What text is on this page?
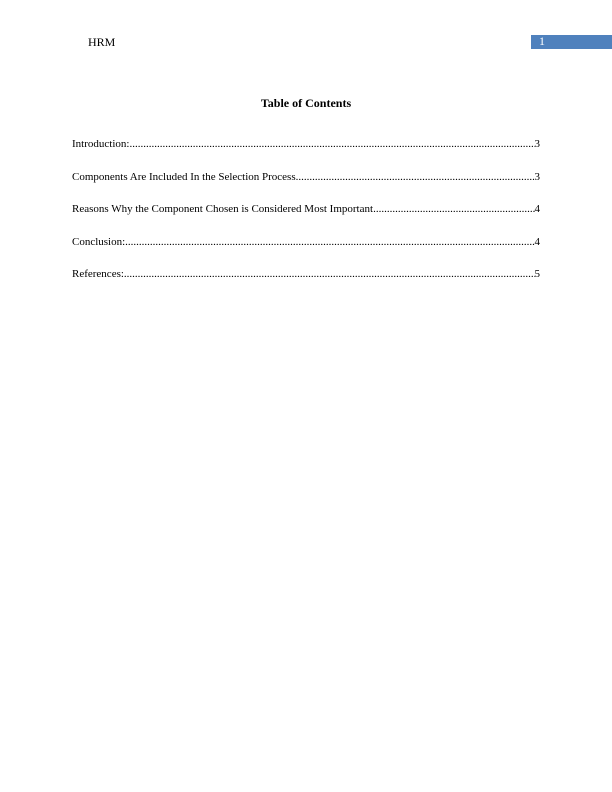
HRM	1
Table of Contents
Introduction: .....	3
Components Are Included In the Selection Process .....	3
Reasons Why the Component Chosen is Considered Most Important .....	4
Conclusion: .....	4
References: .....	5
